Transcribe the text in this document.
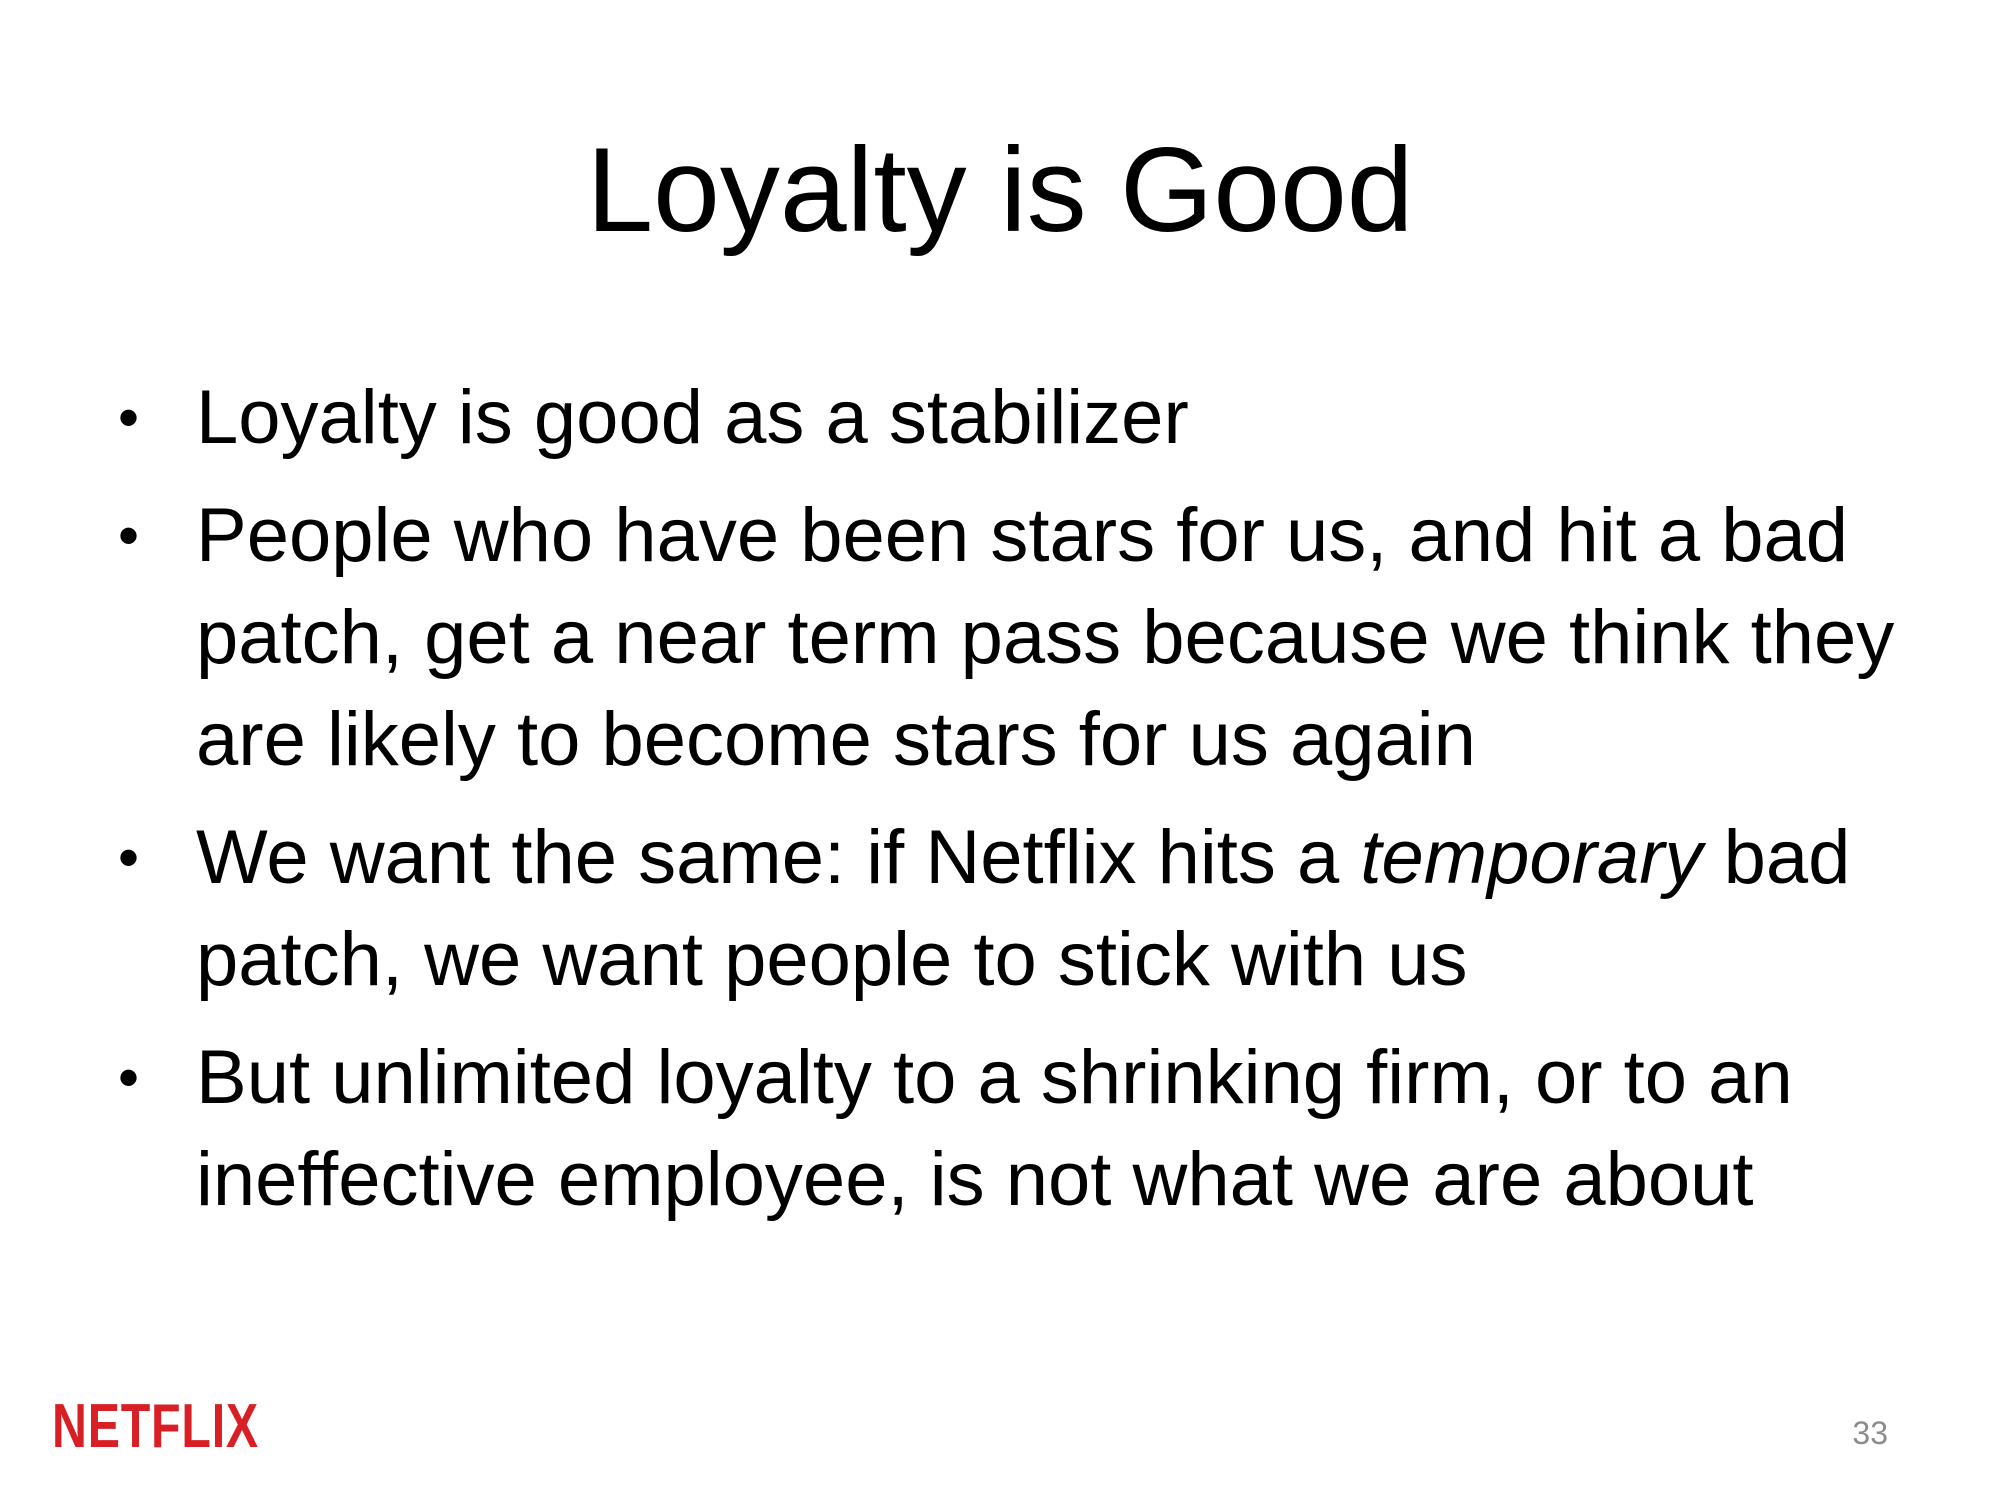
Loyalty is Good
• Loyalty is good as a stabilizer
• People who have been stars for us, and hit a bad patch, get a near term pass because we think they are likely to become stars for us again
• We want the same: if Netflix hits a temporary bad patch, we want people to stick with us
• But unlimited loyalty to a shrinking firm, or to an ineffective employee, is not what we are about
NETFLIX	33
